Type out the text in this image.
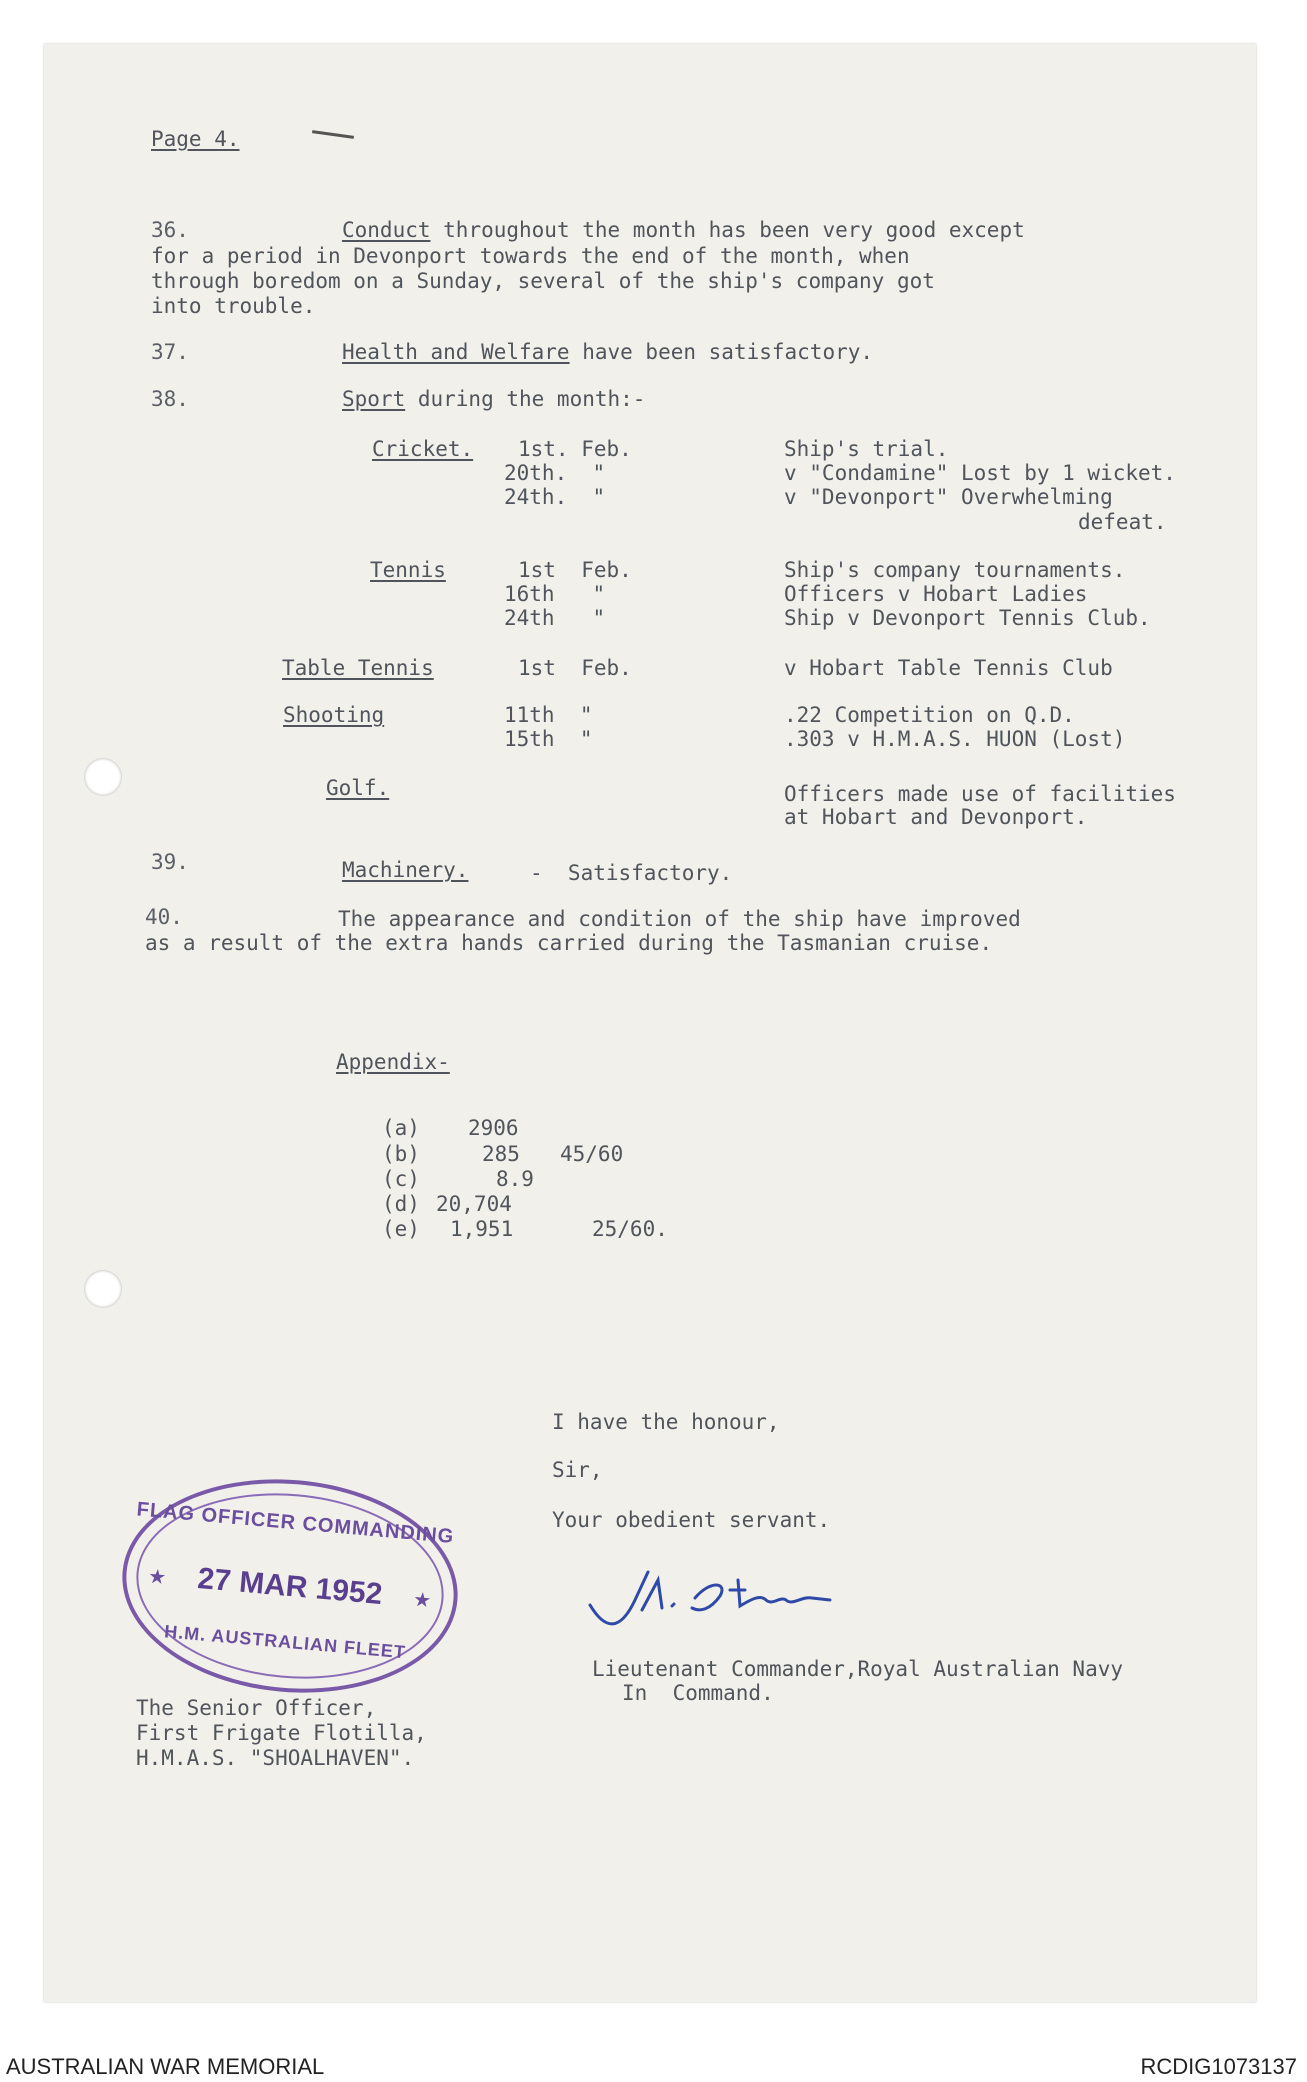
Page 4.
36.	Conduct throughout the month has been very good except
for a period in Devonport towards the end of the month, when
through boredom on a Sunday, several of the ship's company got
into trouble.
37.	Health and Welfare have been satisfactory.
38.	Sport during the month:-
Cricket. 1st. Feb.	Ship's trial.
20th.  "	v "Condamine" Lost by 1 wicket.
24th.  "	v "Devonport" Overwhelming
defeat.
Tennis	1st  Feb.	Ship's company tournaments.
16th   "	Officers v Hobart Ladies
24th   "	Ship v Devonport Tennis Club.
Table Tennis	1st  Feb.	v Hobart Table Tennis Club
Shooting	11th  "	.22 Competition on Q.D.
15th  "	.303 v H.M.A.S. HUON (Lost)
Golf.	Officers made use of facilities
at Hobart and Devonport.
39.	Machinery.	-  Satisfactory.
40.	The appearance and condition of the ship have improved
as a result of the extra hands carried during the Tasmanian cruise.
Appendix-
(a) 2906
(b)	285 45/60
(c)	8.9
(d) 20,704
(e) 1,951	25/60.
I have the honour,
Sir,
Your obedient servant.
Lieutenant Commander,Royal Australian Navy
In  Command.
FLAG OFFICER COMMANDING
★ 27 MAR 1952	★
H.M. AUSTRALIAN FLEET
The Senior Officer,
First Frigate Flotilla,
H.M.A.S. "SHOALHAVEN".
AUSTRALIAN WAR MEMORIAL	RCDIG1073137
